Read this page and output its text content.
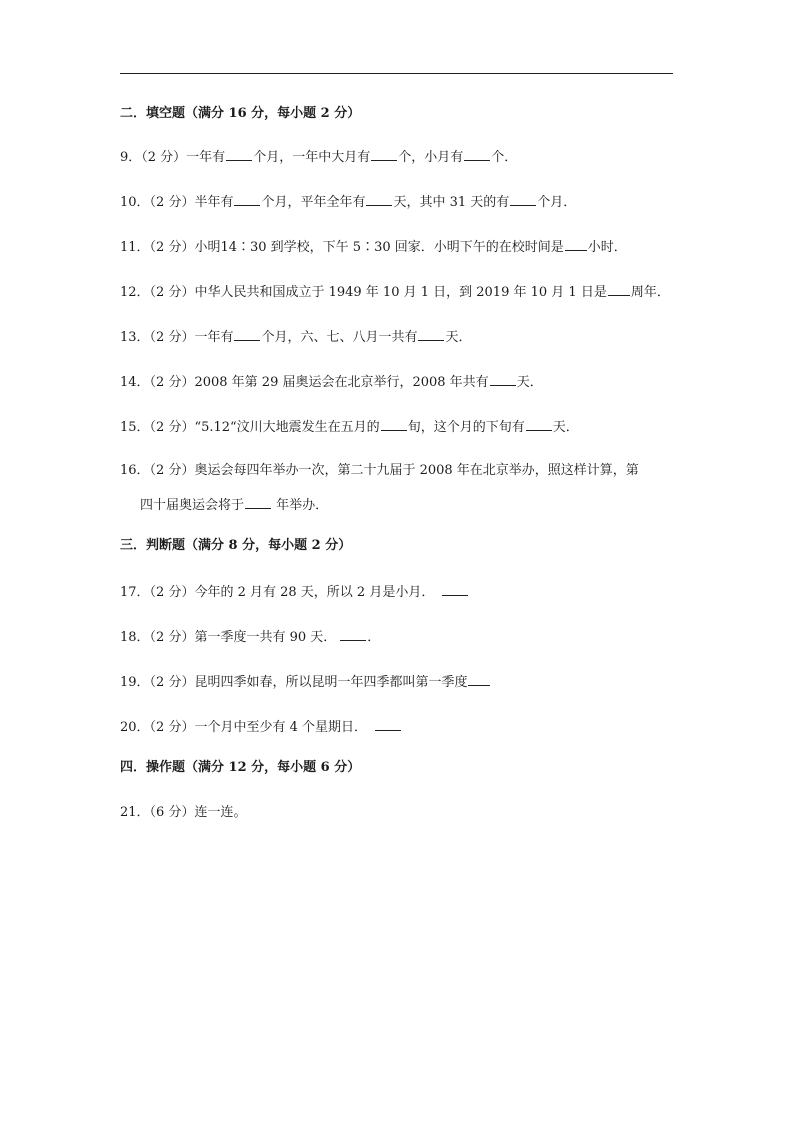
二．填空题（满分 16 分，每小题 2 分）
9．（2 分）一年有 个月，一年中大月有 个，小月有 个．
10．（2 分）半年有 个月，平年全年有 天，其中 31 天的有 个月．
11．（2 分）小明14∶30 到学校，下午 5∶30 回家．小明下午的在校时间是 小时．
12．（2 分）中华人民共和国成立于 1949 年 10 月 1 日，到 2019 年 10 月 1 日是 周年．
13．（2 分）一年有 个月，六、七、八月一共有 天．
14．（2 分）2008 年第 29 届奥运会在北京举行，2008 年共有 天．
15．（2 分）“5.12“汶川大地震发生在五月的 旬，这个月的下旬有 天．
16．（2 分）奥运会每四年举办一次，第二十九届于 2008 年在北京举办，照这样计算，第
四十届奥运会将于 年举办．
三．判断题（满分 8 分，每小题 2 分）
17．（2 分）今年的 2 月有 28 天，所以 2 月是小月．
18．（2 分）第一季度一共有 90 天． ．
19．（2 分）昆明四季如春，所以昆明一年四季都叫第一季度
20．（2 分）一个月中至少有 4 个星期日．
四．操作题（满分 12 分，每小题 6 分）
21．（6 分）连一连。
